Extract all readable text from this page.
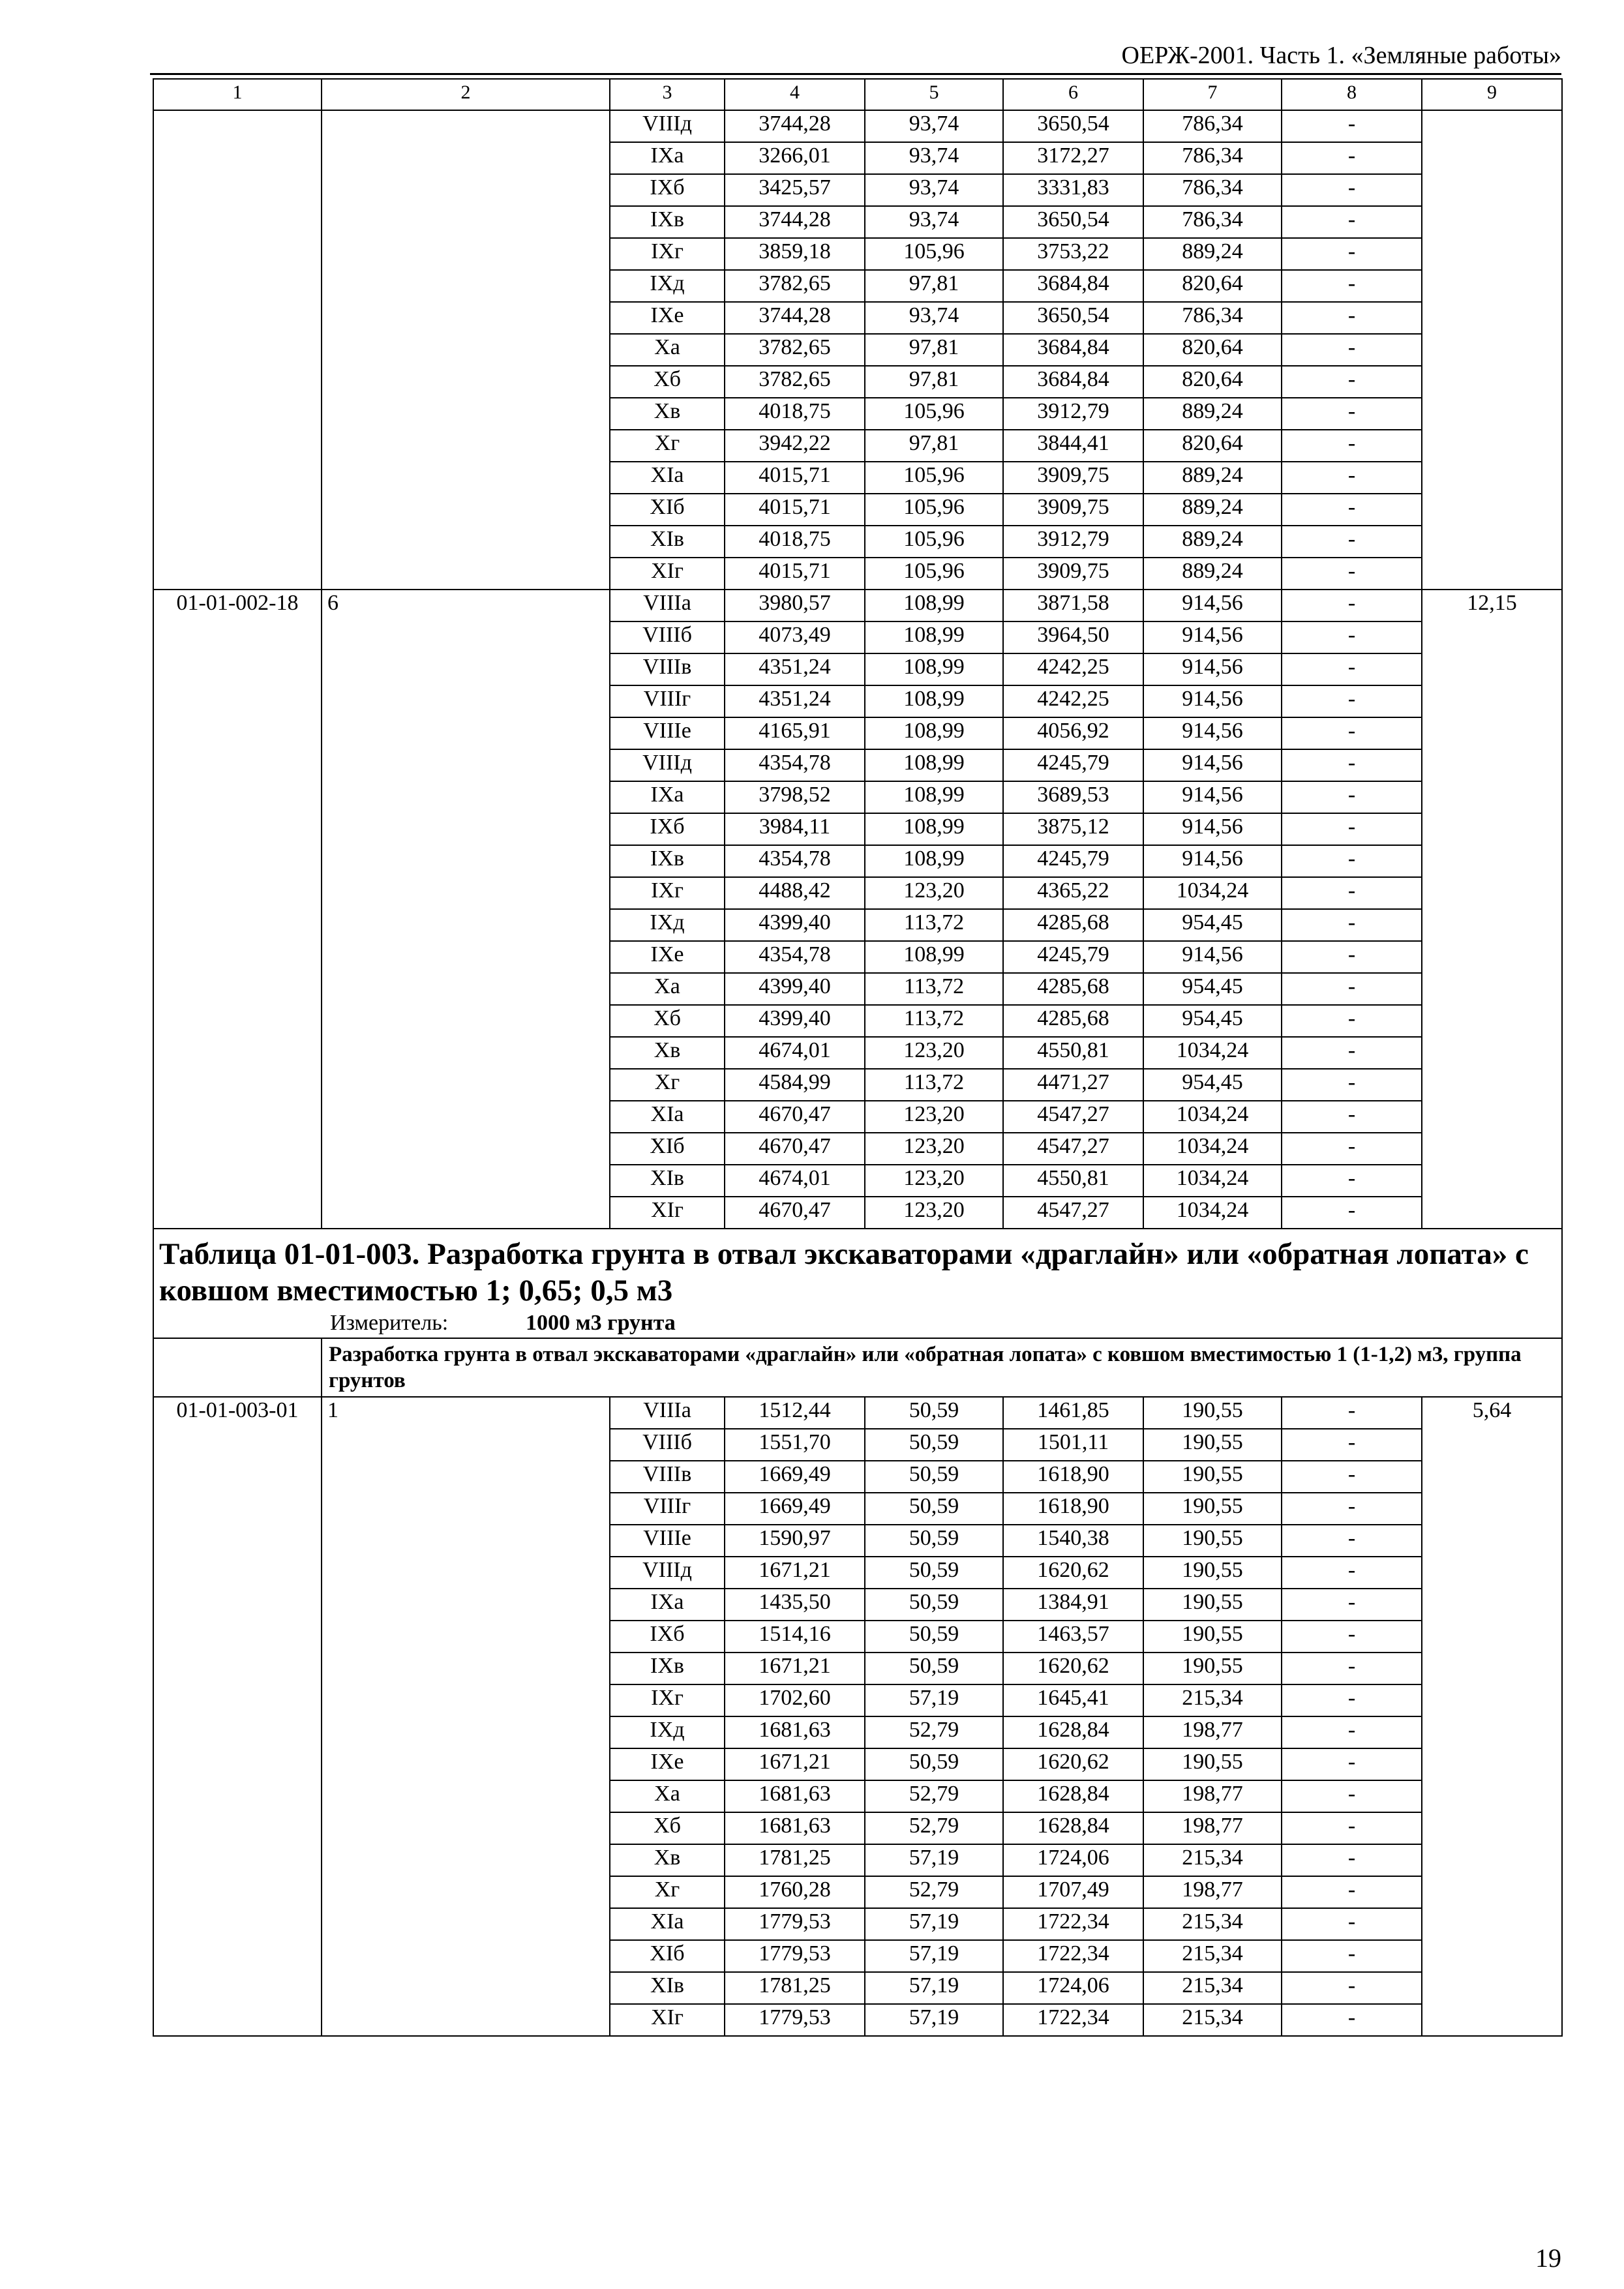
ОЕРЖ-2001. Часть 1. «Земляные работы»
1	2	3	4	5	6	7	8	9
		VIIIд	3744,28	93,74	3650,54	786,34	-	
		IXa	3266,01	93,74	3172,27	786,34	-	
		IXб	3425,57	93,74	3331,83	786,34	-	
		IXв	3744,28	93,74	3650,54	786,34	-	
		IXг	3859,18	105,96	3753,22	889,24	-	
		IXд	3782,65	97,81	3684,84	820,64	-	
		IXe	3744,28	93,74	3650,54	786,34	-	
		Xa	3782,65	97,81	3684,84	820,64	-	
		Xб	3782,65	97,81	3684,84	820,64	-	
		Xв	4018,75	105,96	3912,79	889,24	-	
		Xг	3942,22	97,81	3844,41	820,64	-	
		XIa	4015,71	105,96	3909,75	889,24	-	
		XIб	4015,71	105,96	3909,75	889,24	-	
		XIв	4018,75	105,96	3912,79	889,24	-	
		XIг	4015,71	105,96	3909,75	889,24	-	
01-01-002-18	6	VIIIa	3980,57	108,99	3871,58	914,56	-	12,15
		VIIIб	4073,49	108,99	3964,50	914,56	-	
		VIIIв	4351,24	108,99	4242,25	914,56	-	
		VIIIг	4351,24	108,99	4242,25	914,56	-	
		VIIIe	4165,91	108,99	4056,92	914,56	-	
		VIIIд	4354,78	108,99	4245,79	914,56	-	
		IXa	3798,52	108,99	3689,53	914,56	-	
		IXб	3984,11	108,99	3875,12	914,56	-	
		IXв	4354,78	108,99	4245,79	914,56	-	
		IXг	4488,42	123,20	4365,22	1034,24	-	
		IXд	4399,40	113,72	4285,68	954,45	-	
		IXe	4354,78	108,99	4245,79	914,56	-	
		Xa	4399,40	113,72	4285,68	954,45	-	
		Xб	4399,40	113,72	4285,68	954,45	-	
		Xв	4674,01	123,20	4550,81	1034,24	-	
		Xг	4584,99	113,72	4471,27	954,45	-	
		XIa	4670,47	123,20	4547,27	1034,24	-	
		XIб	4670,47	123,20	4547,27	1034,24	-	
		XIв	4674,01	123,20	4550,81	1034,24	-	
		XIг	4670,47	123,20	4547,27	1034,24	-	

Таблица 01-01-003. Разработка грунта в отвал экскаваторами «драглайн» или «обратная лопата» с ковшом вместимостью 1; 0,65; 0,5 м3
Измеритель: 1000 м3 грунта								

	Разработка грунта в отвал экскаваторами «драглайн» или «обратная лопата» с ковшом вместимостью 1 (1-1,2) м3, группа грунтов							
01-01-003-01	1	VIIIa	1512,44	50,59	1461,85	190,55	-	5,64
		VIIIб	1551,70	50,59	1501,11	190,55	-	
		VIIIв	1669,49	50,59	1618,90	190,55	-	
		VIIIг	1669,49	50,59	1618,90	190,55	-	
		VIIIe	1590,97	50,59	1540,38	190,55	-	
		VIIIд	1671,21	50,59	1620,62	190,55	-	
		IXa	1435,50	50,59	1384,91	190,55	-	
		IXб	1514,16	50,59	1463,57	190,55	-	
		IXв	1671,21	50,59	1620,62	190,55	-	
		IXг	1702,60	57,19	1645,41	215,34	-	
		IXд	1681,63	52,79	1628,84	198,77	-	
		IXe	1671,21	50,59	1620,62	190,55	-	
		Xa	1681,63	52,79	1628,84	198,77	-	
		Xб	1681,63	52,79	1628,84	198,77	-	
		Xв	1781,25	57,19	1724,06	215,34	-	
		Xг	1760,28	52,79	1707,49	198,77	-	
		XIa	1779,53	57,19	1722,34	215,34	-	
		XIб	1779,53	57,19	1722,34	215,34	-	
		XIв	1781,25	57,19	1724,06	215,34	-	
		XIг	1779,53	57,19	1722,34	215,34	-	
19
